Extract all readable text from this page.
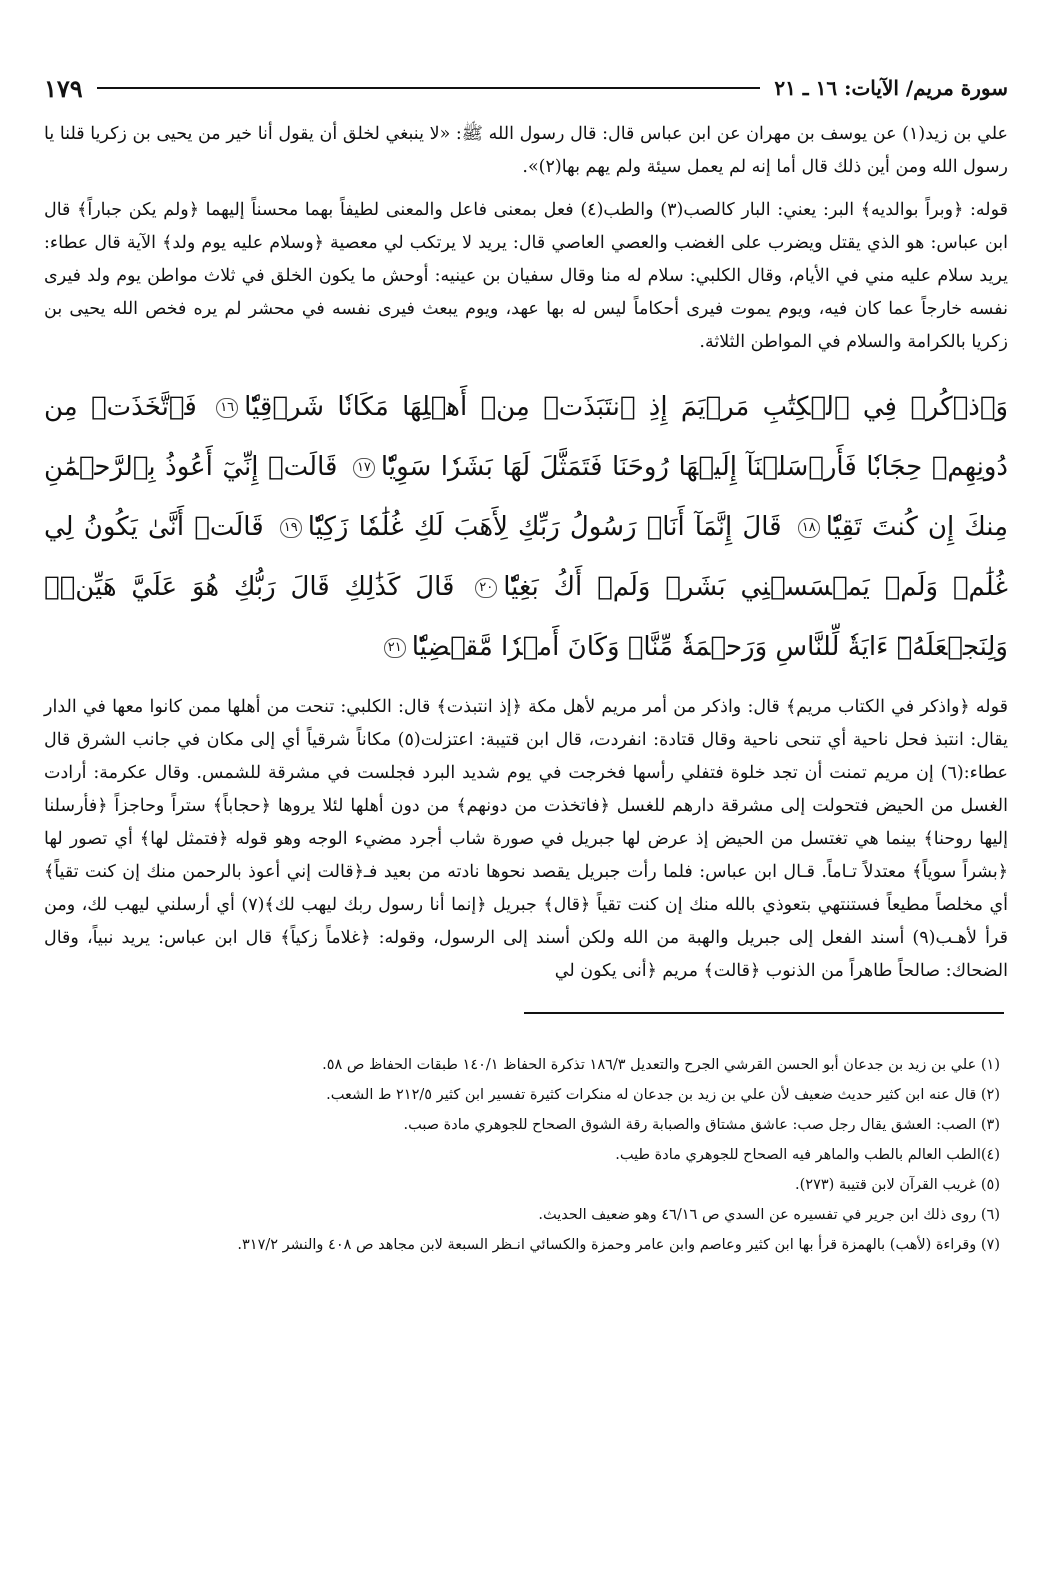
سورة مريم/ الآيات: ١٦ ـ ٢١
١٧٩

علي بن زيد(١) عن يوسف بن مهران عن ابن عباس قال: قال رسول الله ﷺ: «لا ينبغي لخلق أن يقول أنا خير من يحيى بن زكريا قلنا يا رسول الله ومن أين ذلك قال أما إنه لم يعمل سيئة ولم يهم بها(٢)».

قوله: ﴿وبراً بوالديه﴾ البر: يعني: البار كالصب(٣) والطب(٤) فعل بمعنى فاعل والمعنى لطيفاً بهما محسناً إليهما ﴿ولم يكن جباراً﴾ قال ابن عباس: هو الذي يقتل ويضرب على الغضب والعصي العاصي قال: يريد لا يرتكب لي معصية ﴿وسلام عليه يوم ولد﴾ الآية قال عطاء: يريد سلام عليه مني في الأيام، وقال الكلبي: سلام له منا وقال سفيان بن عينيه: أوحش ما يكون الخلق في ثلاث مواطن يوم ولد فيرى نفسه خارجاً عما كان فيه، ويوم يموت فيرى أحكاماً ليس له بها عهد، ويوم يبعث فيرى نفسه في محشر لم يره فخص الله يحيى بن زكريا بالكرامة والسلام في المواطن الثلاثة.

وَٱذۡكُرۡ فِي ٱلۡكِتَٰبِ مَرۡيَمَ إِذِ ٱنتَبَذَتۡ مِنۡ أَهۡلِهَا مَكَانٗا شَرۡقِيّٗا١٦ فَٱتَّخَذَتۡ مِن دُونِهِمۡ حِجَابٗا فَأَرۡسَلۡنَآ إِلَيۡهَا رُوحَنَا فَتَمَثَّلَ لَهَا بَشَرٗا سَوِيّٗا١٧ قَالَتۡ إِنِّيٓ أَعُوذُ بِٱلرَّحۡمَٰنِ مِنكَ إِن كُنتَ تَقِيّٗا١٨ قَالَ إِنَّمَآ أَنَا۠ رَسُولُ رَبِّكِ لِأَهَبَ لَكِ غُلَٰمٗا زَكِيّٗا١٩ قَالَتۡ أَنَّىٰ يَكُونُ لِي غُلَٰمٞ وَلَمۡ يَمۡسَسۡنِي بَشَرٞ وَلَمۡ أَكُ بَغِيّٗا٢٠ قَالَ كَذَٰلِكِ قَالَ رَبُّكِ هُوَ عَلَيَّ هَيِّنٞۖ وَلِنَجۡعَلَهُۥٓ ءَايَةٗ لِّلنَّاسِ وَرَحۡمَةٗ مِّنَّاۚ وَكَانَ أَمۡرٗا مَّقۡضِيّٗا٢١

قوله ﴿واذكر في الكتاب مريم﴾ قال: واذكر من أمر مريم لأهل مكة ﴿إذ انتبذت﴾ قال: الكلبي: تنحت من أهلها ممن كانوا معها في الدار يقال: انتبذ فحل ناحية أي تنحى ناحية وقال قتادة: انفردت، قال ابن قتيبة: اعتزلت(٥) مكاناً شرقياً أي إلى مكان في جانب الشرق قال عطاء:(٦) إن مريم تمنت أن تجد خلوة فتفلي رأسها فخرجت في يوم شديد البرد فجلست في مشرقة للشمس. وقال عكرمة: أرادت الغسل من الحيض فتحولت إلى مشرقة دارهم للغسل ﴿فاتخذت من دونهم﴾ من دون أهلها لئلا يروها ﴿حجاباً﴾ ستراً وحاجزاً ﴿فأرسلنا إليها روحنا﴾ بينما هي تغتسل من الحيض إذ عرض لها جبريل في صورة شاب أجرد مضيء الوجه وهو قوله ﴿فتمثل لها﴾ أي تصور لها ﴿بشراً سوياً﴾ معتدلاً تـاماً. قـال ابن عباس: فلما رأت جبريل يقصد نحوها نادته من بعيد فـ﴿قالت إني أعوذ بالرحمن منك إن كنت تقياً﴾ أي مخلصاً مطيعاً فستنتهي بتعوذي بالله منك إن كنت تقياً ﴿قال﴾ جبريل ﴿إنما أنا رسول ربك ليهب لك﴾(٧) أي أرسلني ليهب لك، ومن قرأ لأهـب(٩) أسند الفعل إلى جبريل والهبة من الله ولكن أسند إلى الرسول، وقوله: ﴿غلاماً زكياً﴾ قال ابن عباس: يريد نبياً، وقال الضحاك: صالحاً طاهراً من الذنوب ﴿قالت﴾ مريم ﴿أنى يكون لي

(١) علي بن زيد بن جدعان أبو الحسن القرشي الجرح والتعديل ١٨٦/٣ تذكرة الحفاظ ١٤٠/١ طبقات الحفاظ ص ٥٨.
(٢) قال عنه ابن كثير حديث ضعيف لأن علي بن زيد بن جدعان له منكرات كثيرة تفسير ابن كثير ٢١٢/٥ ط الشعب.
(٣) الصب: العشق يقال رجل صب: عاشق مشتاق والصبابة رقة الشوق الصحاح للجوهري مادة صبب.
(٤)الطب العالم بالطب والماهر فيه الصحاح للجوهري مادة طيب.
(٥) غريب القرآن لابن قتيبة (٢٧٣).
(٦) روى ذلك ابن جرير في تفسيره عن السدي ص ٤٦/١٦ وهو ضعيف الحديث.
(٧) وقراءة (لأهب) بالهمزة قرأ بها ابن كثير وعاصم وابن عامر وحمزة والكسائي انـظر السبعة لابن مجاهد ص ٤٠٨ والنشر ٣١٧/٢.
